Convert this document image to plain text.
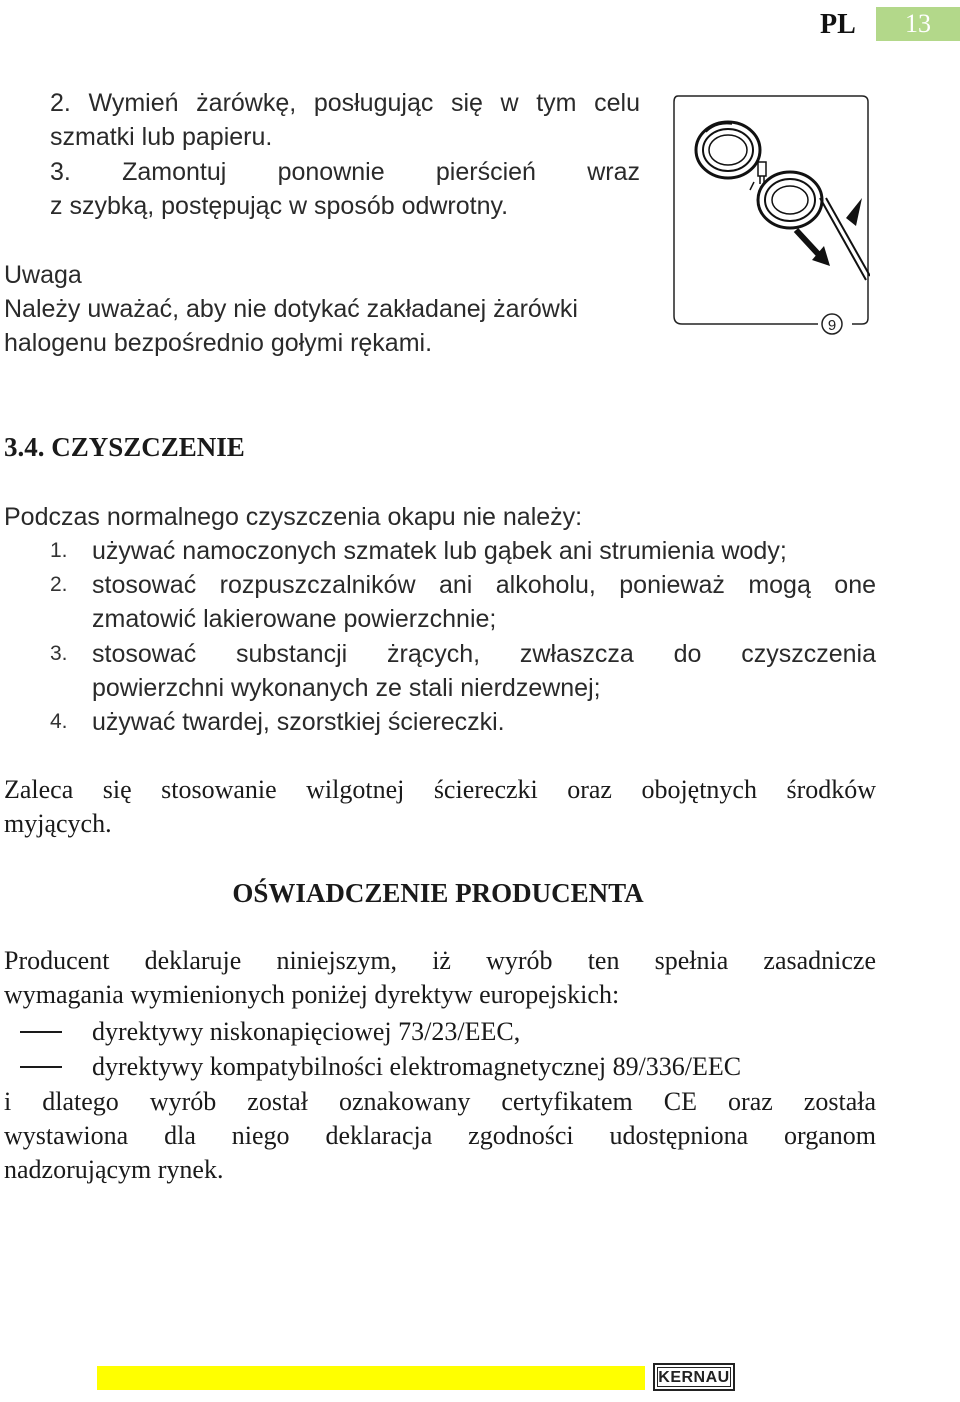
PL	13
2. Wymień żarówkę, posługując się w tym celu
szmatki lub papieru.
3. Zamontuj ponownie pierścień wraz
z szybką, postępując w sposób odwrotny.
Uwaga
Należy uważać, aby nie dotykać zakładanej żarówki
halogenu bezpośrednio gołymi rękami.
9
3.4. CZYSZCZENIE
Podczas normalnego czyszczenia okapu nie należy:
1. używać namoczonych szmatek lub gąbek ani strumienia wody;
2. stosować rozpuszczalników ani alkoholu, ponieważ mogą one
zmatowić lakierowane powierzchnie;
3. stosować substancji żrących, zwłaszcza do czyszczenia
powierzchni wykonanych ze stali nierdzewnej;
4. używać twardej, szorstkiej ściereczki.
Zaleca się stosowanie wilgotnej ściereczki oraz obojętnych środków
myjących.
OŚWIADCZENIE PRODUCENTA
Producent deklaruje niniejszym, iż wyrób ten spełnia zasadnicze
wymagania wymienionych poniżej dyrektyw europejskich:
dyrektywy niskonapięciowej 73/23/EEC,
dyrektywy kompatybilności elektromagnetycznej 89/336/EEC
i dlatego wyrób został oznakowany certyfikatem CE oraz została
wystawiona dla niego deklaracja zgodności udostępniona organom
nadzorującym rynek.
KERNAU
